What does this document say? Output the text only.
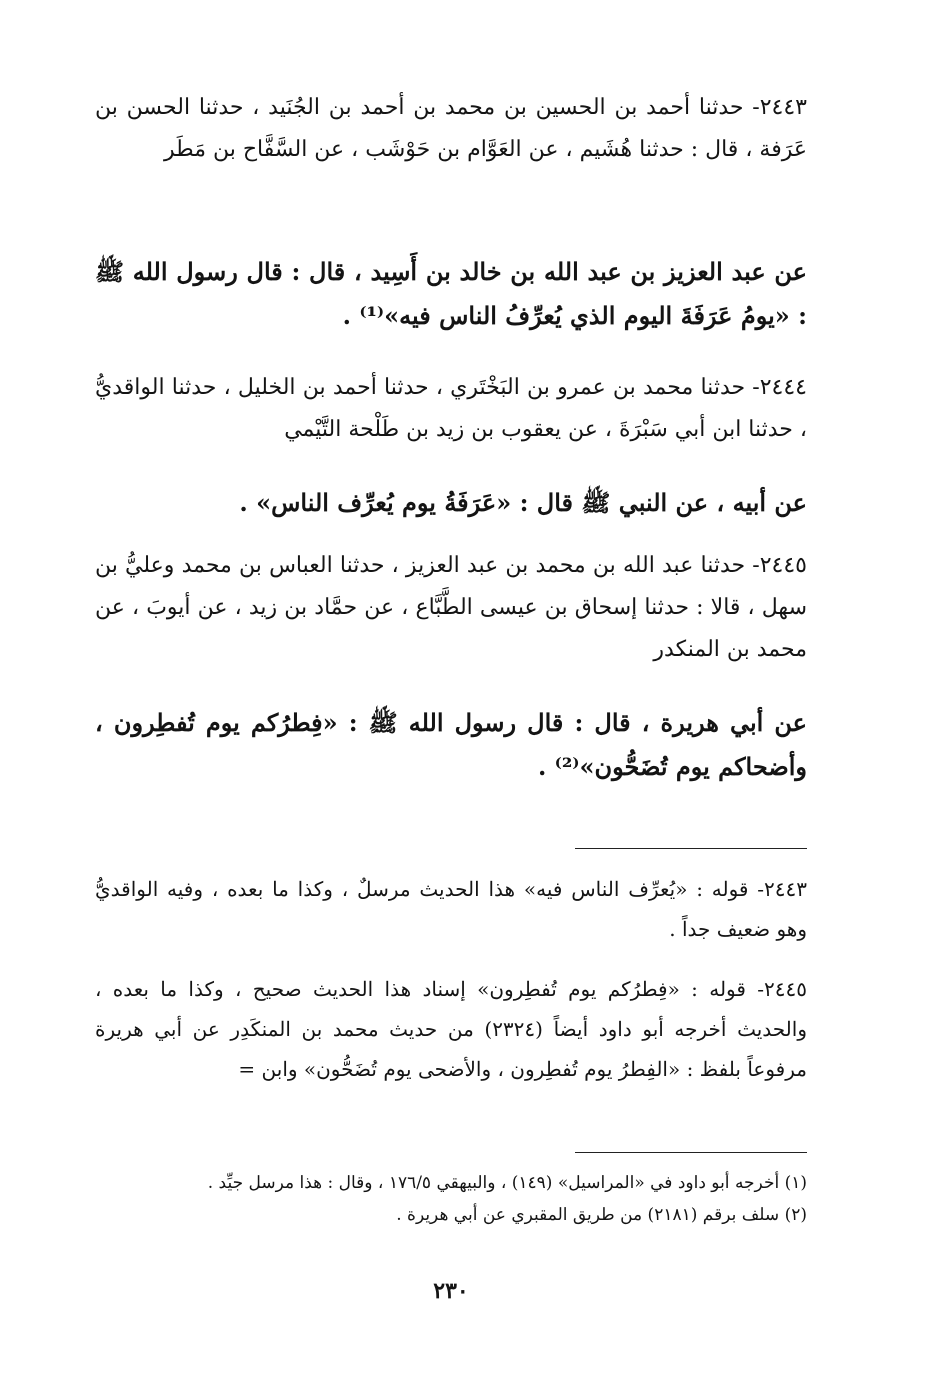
٢٤٤٣- حدثنا أحمد بن الحسين بن محمد بن أحمد بن الجُنَيد ، حدثنا الحسن بن عَرَفة ، قال : حدثنا هُشَيم ، عن العَوَّام بن حَوْشَب ، عن السَّفَّاح بن مَطَر

عن عبد العزيز بن عبد الله بن خالد بن أَسِيد ، قال : قال رسول الله ﷺ : «يومُ عَرَفَةَ اليوم الذي يُعرِّفُ الناس فيه»⁽¹⁾ .

٢٤٤٤- حدثنا محمد بن عمرو بن البَخْتَري ، حدثنا أحمد بن الخليل ، حدثنا الواقديُّ ، حدثنا ابن أبي سَبْرَةَ ، عن يعقوب بن زيد بن طَلْحة التَّيْمي

عن أبيه ، عن النبي ﷺ قال : «عَرَفَةُ يوم يُعرِّف الناس» .

٢٤٤٥- حدثنا عبد الله بن محمد بن عبد العزيز ، حدثنا العباس بن محمد وعليُّ بن سهل ، قالا : حدثنا إسحاق بن عيسى الطَّبَّاع ، عن حمَّاد بن زيد ، عن أيوبَ ، عن محمد بن المنكدر

عن أبي هريرة ، قال : قال رسول الله ﷺ : «فِطرُكم يوم تُفطِرون ، وأضحاكم يوم تُضَحُّون»⁽²⁾ .

٢٤٤٣- قوله : «يُعرِّف الناس فيه» هذا الحديث مرسلٌ ، وكذا ما بعده ، وفيه الواقديُّ وهو ضعيف جداً .

٢٤٤٥- قوله : «فِطرُكم يوم تُفطِرون» إسناد هذا الحديث صحيح ، وكذا ما بعده ، والحديث أخرجه أبو داود أيضاً (٢٣٢٤) من حديث محمد بن المنكَدِر عن أبي هريرة مرفوعاً بلفظ : «الفِطرُ يوم تُفطِرون ، والأضحى يوم تُضَحُّون» وابن =

(١) أخرجه أبو داود في «المراسيل» (١٤٩) ، والبيهقي ١٧٦/٥ ، وقال : هذا مرسل جيِّد .

(٢) سلف برقم (٢١٨١) من طريق المقبري عن أبي هريرة .

٢٣٠
